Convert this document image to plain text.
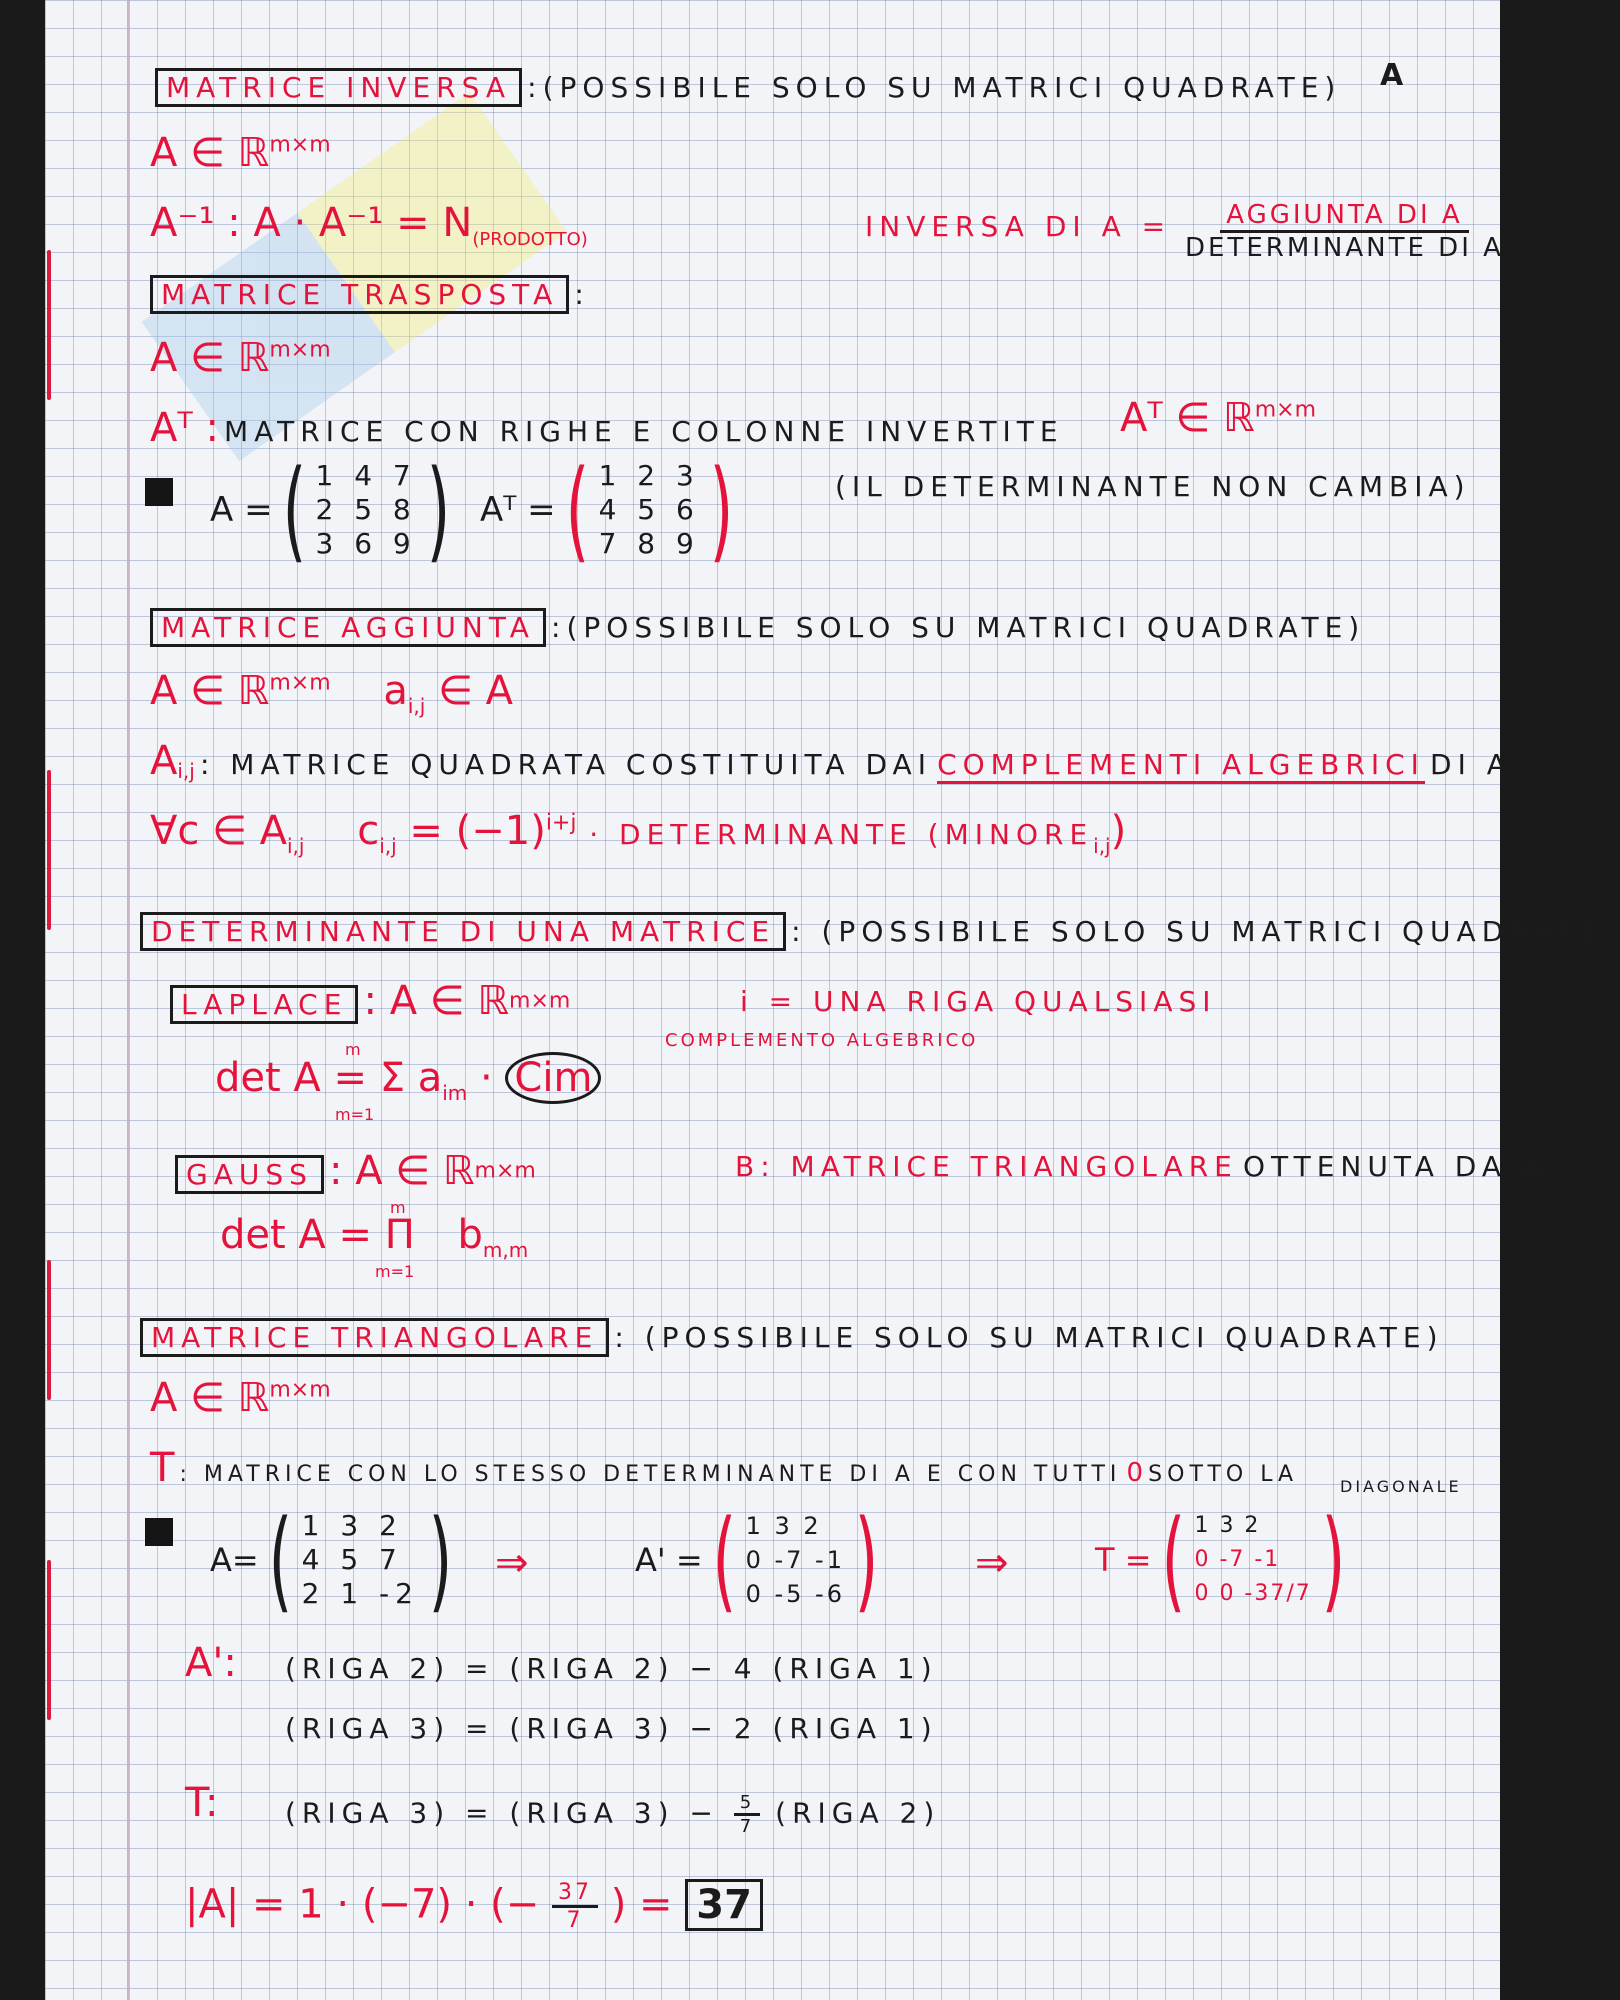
A
MATRICE INVERSA :(POSSIBILE SOLO SU MATRICI QUADRATE)
A ∈ ℝ$^{m\times m}$
A⁻¹ : $A \cdot A^{-1} = N_{(PRODOTTO)}$	INVERSA DI $A = \frac{\text{AGGIUNTA DI A}}{\text{DETERMINANTE DI A}}$
MATRICE TRASPOSTA :
A ∈ ℝ$^{m\times m}$
Aᵀ : MATRICE CON RIGHE E COLONNE INVERTITE Aᵀ ∈ ℝ$^{m\times m}$
A = ( 1 4 7
2 5 8
3 6 9 ) Aᵀ = ( 1 2 3
4 5 6
7 8 9 )	(IL DETERMINANTE NON CAMBIA)
MATRICE AGGIUNTA :(POSSIBILE SOLO SU MATRICI QUADRATE)
A ∈ ℝ$^{m\times m}$ $a_{i,j}$ ∈ A
$A_{i,j}$ : MATRICE QUADRATA COSTITUITA DAI COMPLEMENTI ALGEBRICI DI A
∀c ∈ $A_{i,j}$ $c_{i,j} = (-1)^{i+j}$ · DETERMINANTE $(MINORE_{i,j})$
DETERMINANTE DI UNA MATRICE : (POSSIBILE SOLO SU MATRICI QUADRATE)
LAPLACE : A ∈ ℝ$^{m\times m}$	i = UNA RIGA QUALSIASI
COMPLEMENTO ALGEBRICO
det A = Σ $a_{im}$ · Cim
m
m=1
GAUSS : A ∈ ℝ$^{m\times m}$	B: MATRICE TRIANGOLARE OTTENUTA DA A
det A = Π $b_{m,m}$
m
m=1
MATRICE TRIANGOLARE : (POSSIBILE SOLO SU MATRICI QUADRATE)
A ∈ ℝ$^{m\times m}$
T : MATRICE CON LO STESSO DETERMINANTE DI A E CON TUTTI 0 SOTTO LA	DIAGONALE
A= ( 1 3 2
4 5 7
2 1 -2 ) ⇒	A' = ( 1 3 2
0 -7 -1
0 -5 -6 ) ⇒	T = ( 1 3 2
0 -7 -1
0 0 -37/7 )
A': (RIGA 2) = (RIGA 2) − 4 (RIGA 1)
(RIGA 3) = (RIGA 3) − 2 (RIGA 1)
T: (RIGA 3) = (RIGA $3) - \frac{5}{7}$ (RIGA 2)
|A| = 1 · (−7) · (− $\frac{37}{7}$ ) = 37
